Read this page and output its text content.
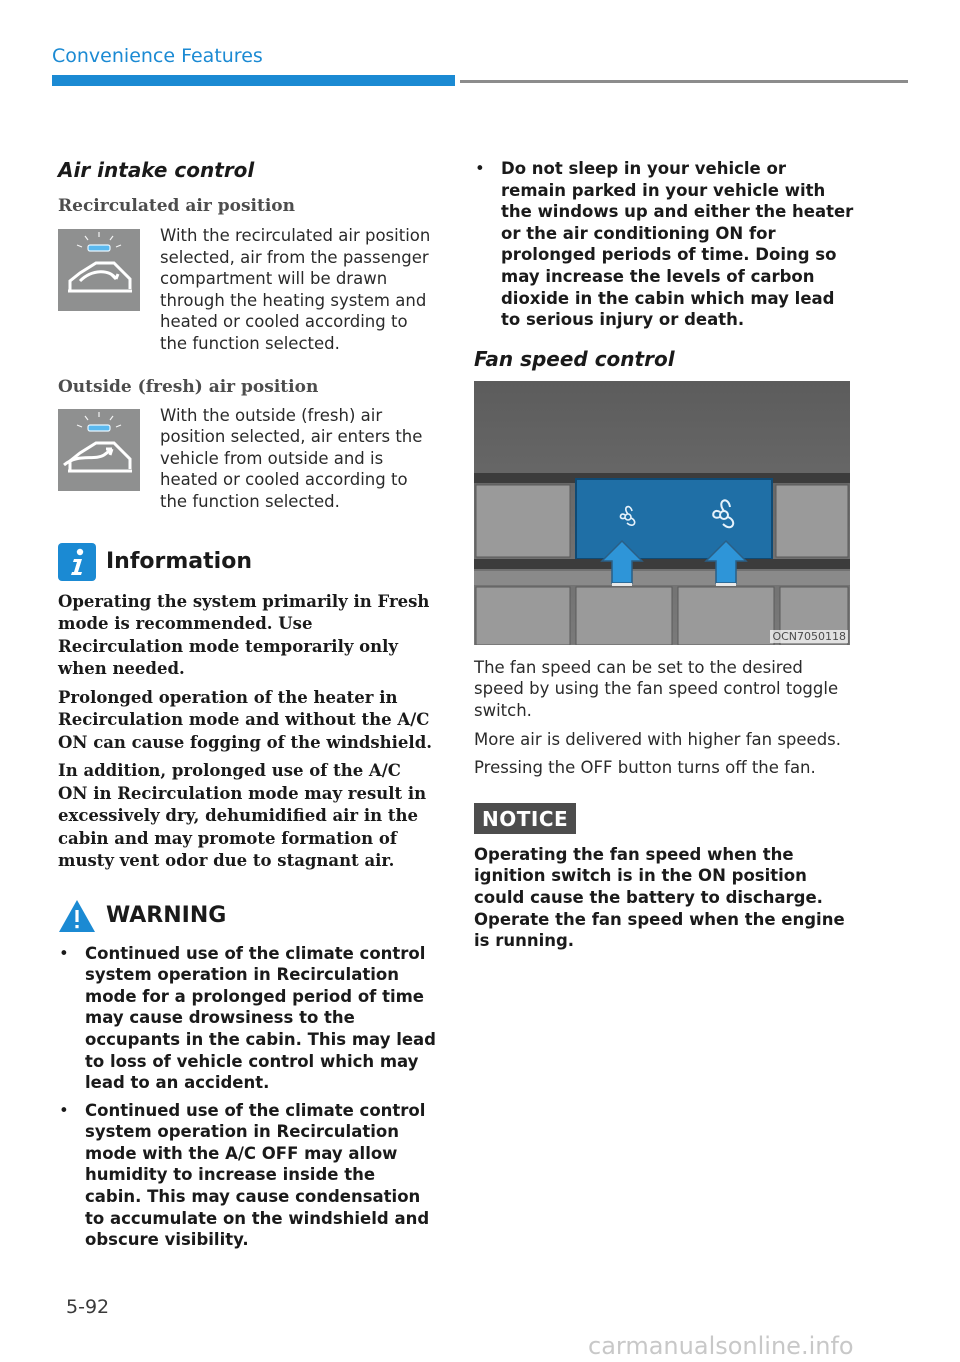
Convenience Features
Air intake control
Recirculated air position

With the recirculated air position selected, air from the passenger compartment will be drawn through the heating system and heated or cooled according to the function selected.

Outside (fresh) air position

With the outside (fresh) air position selected, air enters the vehicle from outside and is heated or cooled according to the function selected.

Information

Operating the system primarily in Fresh mode is recommended. Use Recirculation mode temporarily only when needed.

Prolonged operation of the heater in Recirculation mode and without the A/C ON can cause fogging of the windshield.

In addition, prolonged use of the A/C ON in Recirculation mode may result in excessively dry, dehumidified air in the cabin and may promote formation of musty vent odor due to stagnant air.

WARNING
• Continued use of the climate control system operation in Recirculation mode for a prolonged period of time may cause drowsiness to the occupants in the cabin. This may lead to loss of vehicle control which may lead to an accident.
• Continued use of the climate control system operation in Recirculation mode with the A/C OFF may allow humidity to increase inside the cabin. This may cause condensation to accumulate on the windshield and obscure visibility.
• Do not sleep in your vehicle or remain parked in your vehicle with the windows up and either the heater or the air conditioning ON for prolonged periods of time. Doing so may increase the levels of carbon dioxide in the cabin which may lead to serious injury or death.
Fan speed control
OCN7050118

The fan speed can be set to the desired speed by using the fan speed control toggle switch.

More air is delivered with higher fan speeds.

Pressing the OFF button turns off the fan.

NOTICE

Operating the fan speed when the ignition switch is in the ON position could cause the battery to discharge. Operate the fan speed when the engine is running.

5-92
carmanualsonline.info
